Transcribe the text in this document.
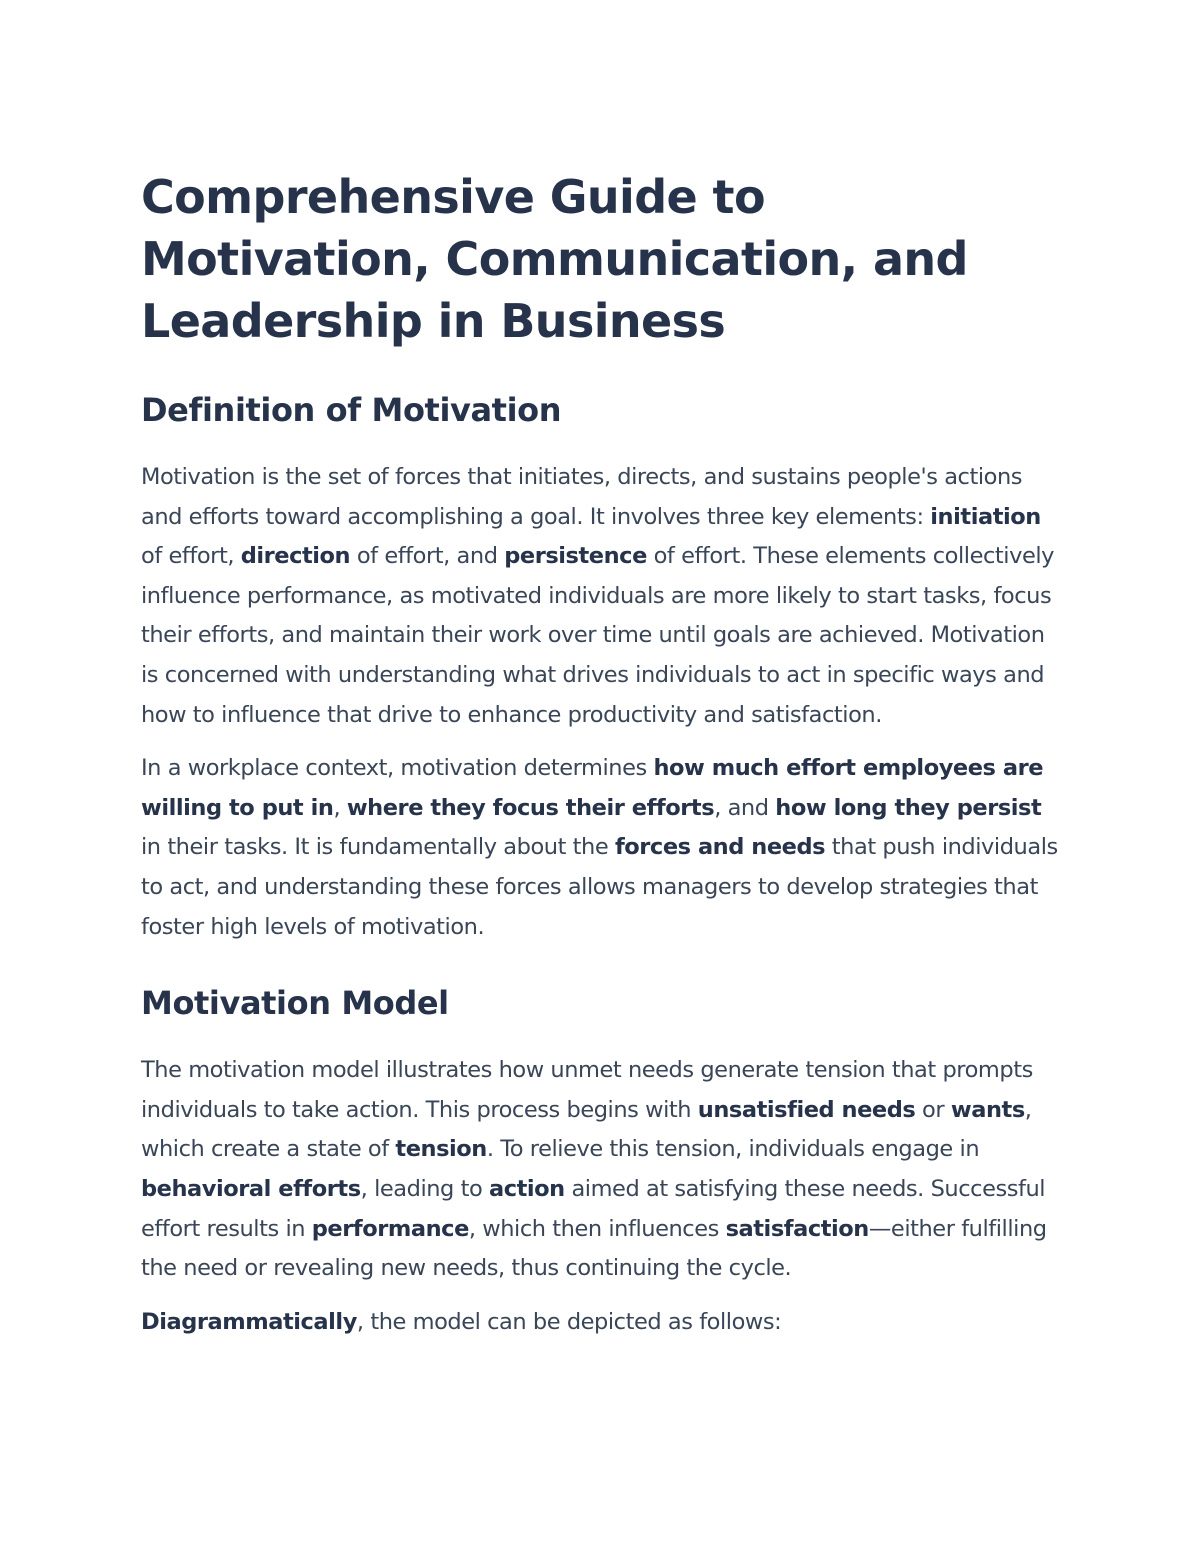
Comprehensive Guide to Motivation, Communication, and Leadership in Business
Definition of Motivation

Motivation is the set of forces that initiates, directs, and sustains people's actions and efforts toward accomplishing a goal. It involves three key elements: initiation of effort, direction of effort, and persistence of effort. These elements collectively influence performance, as motivated individuals are more likely to start tasks, focus their efforts, and maintain their work over time until goals are achieved. Motivation is concerned with understanding what drives individuals to act in specific ways and how to influence that drive to enhance productivity and satisfaction.

In a workplace context, motivation determines how much effort employees are willing to put in, where they focus their efforts, and how long they persist in their tasks. It is fundamentally about the forces and needs that push individuals to act, and understanding these forces allows managers to develop strategies that foster high levels of motivation.

Motivation Model

The motivation model illustrates how unmet needs generate tension that prompts individuals to take action. This process begins with unsatisfied needs or wants, which create a state of tension. To relieve this tension, individuals engage in behavioral efforts, leading to action aimed at satisfying these needs. Successful effort results in performance, which then influences satisfaction—either fulfilling the need or revealing new needs, thus continuing the cycle.

Diagrammatically, the model can be depicted as follows:
